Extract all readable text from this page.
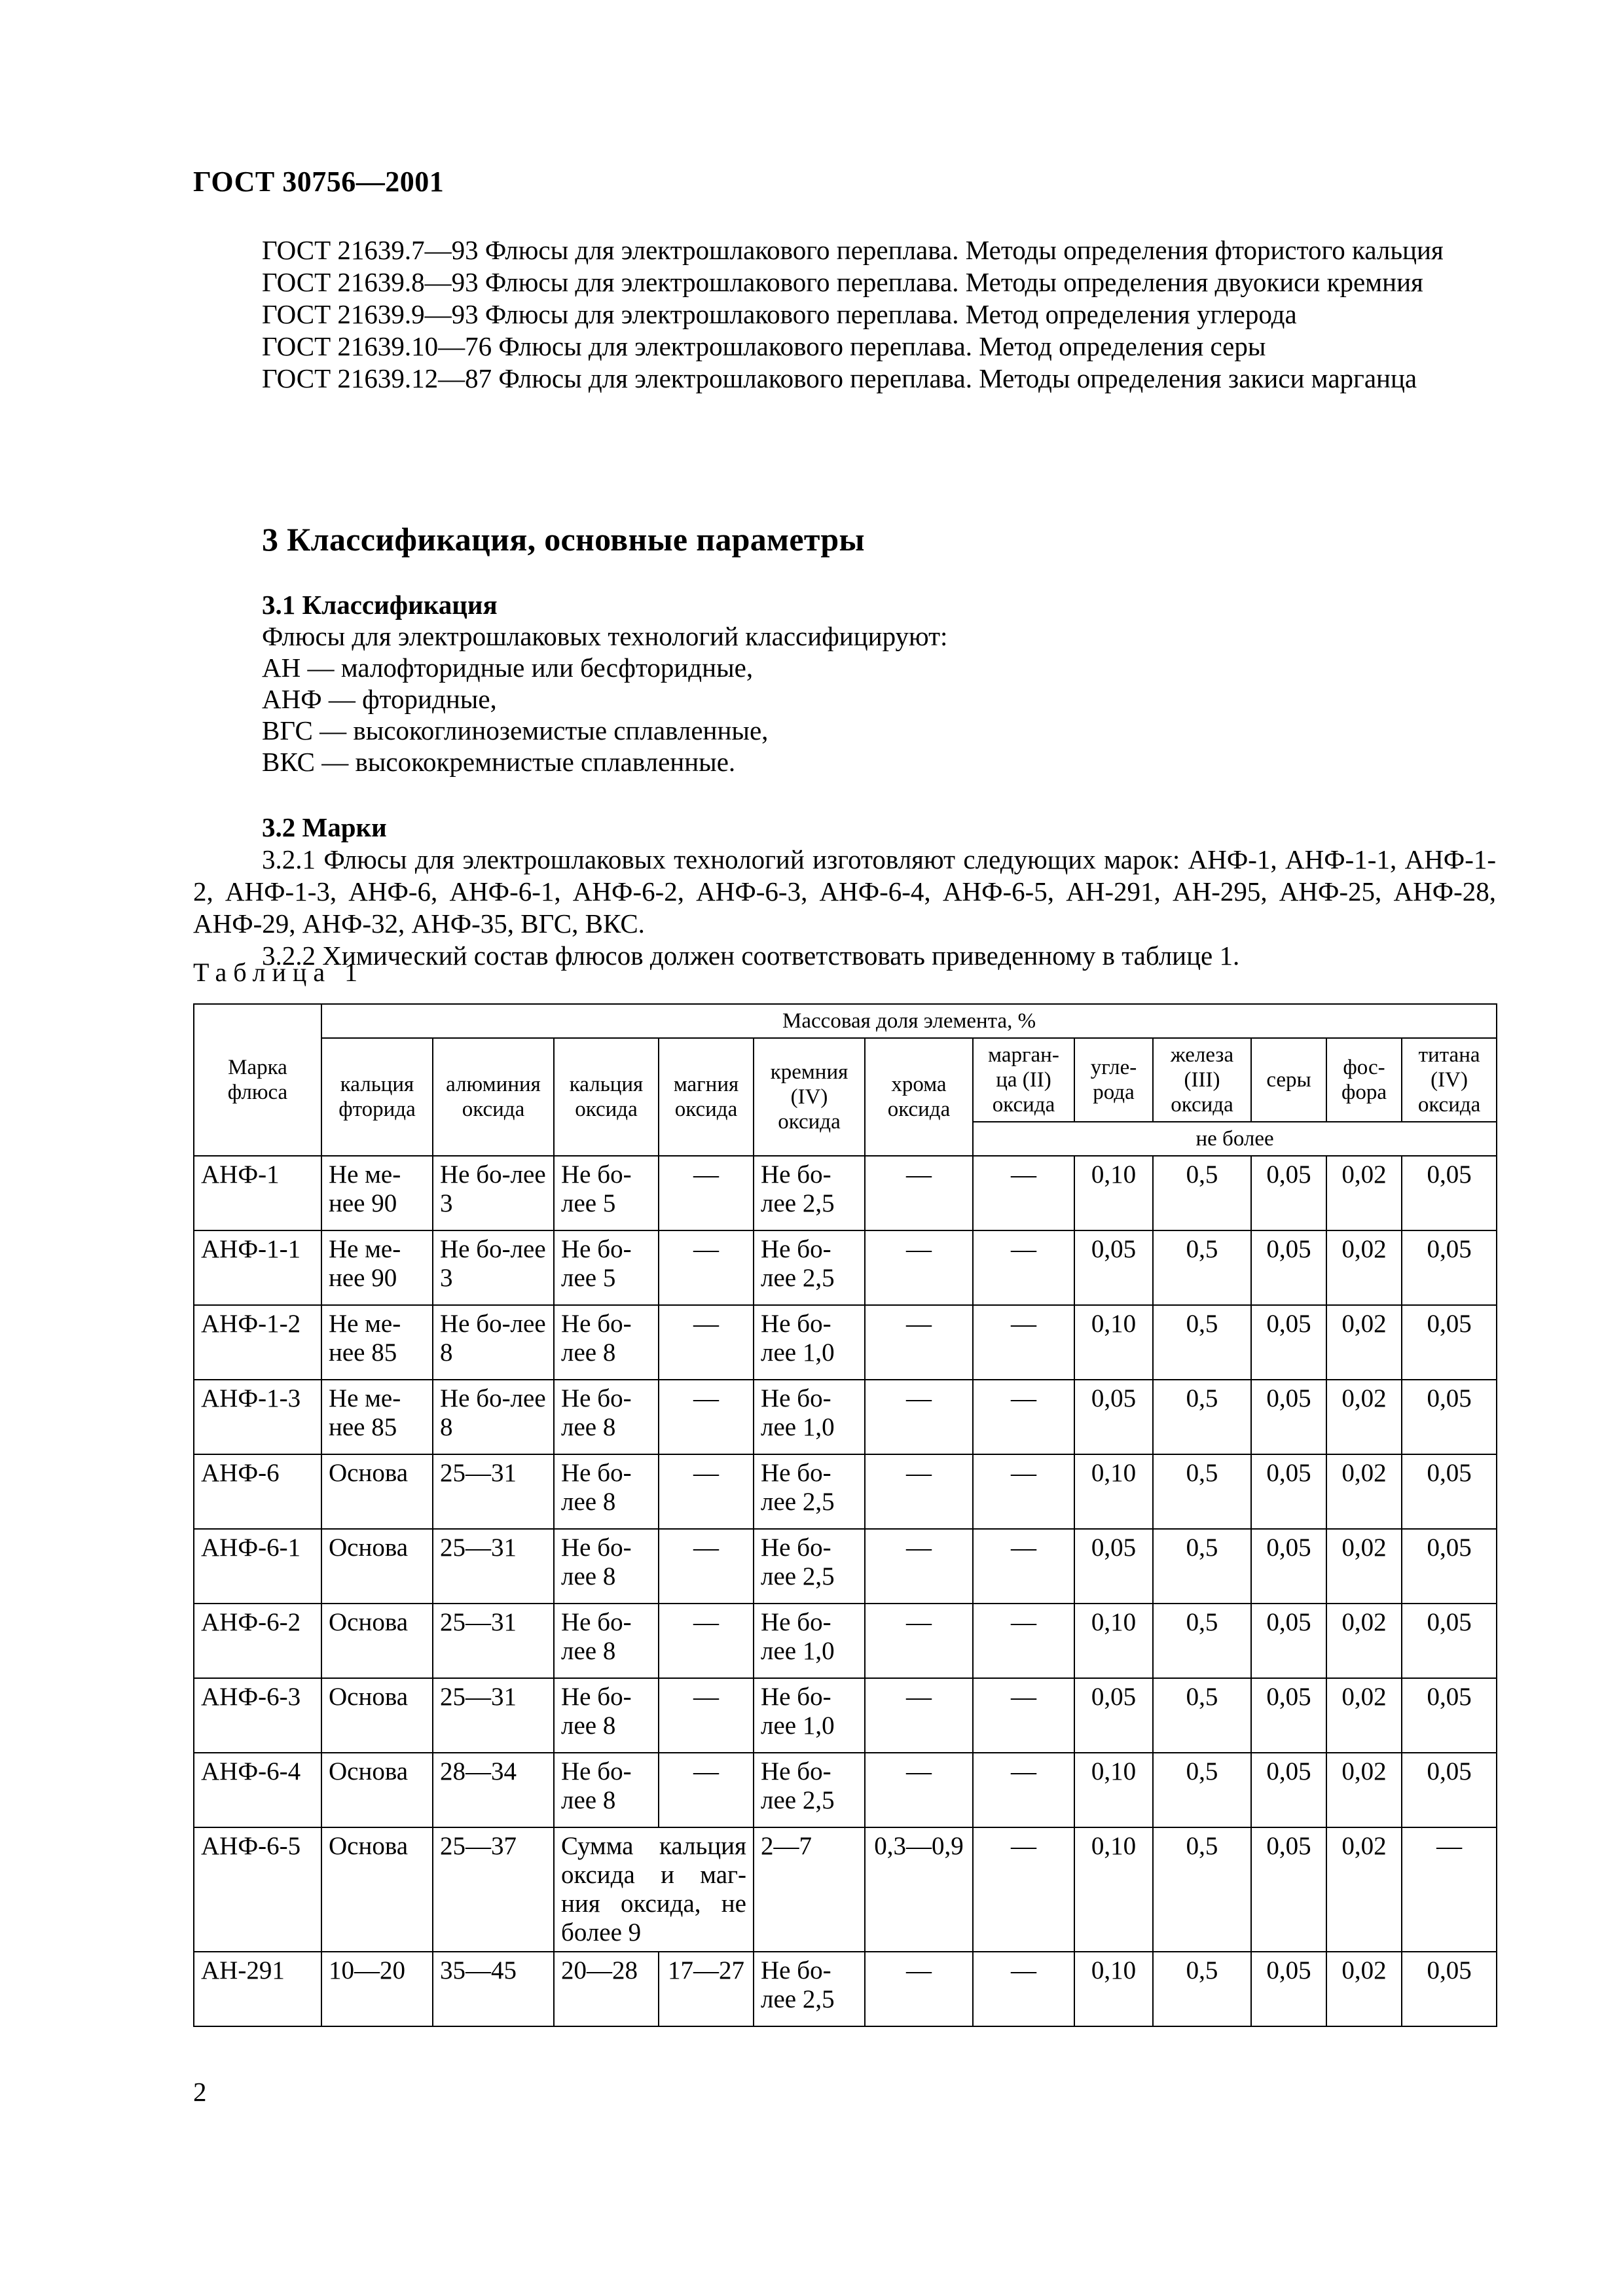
ГОСТ 30756—2001
ГОСТ 21639.7—93 Флюсы для электрошлакового переплава. Методы определения фтористого кальция
ГОСТ 21639.8—93 Флюсы для электрошлакового переплава. Методы определения двуокиси кремния
ГОСТ 21639.9—93 Флюсы для электрошлакового переплава. Метод определения углерода
ГОСТ 21639.10—76 Флюсы для электрошлакового переплава. Метод определения серы
ГОСТ 21639.12—87 Флюсы для электрошлакового переплава. Методы определения закиси марганца
3 Классификация, основные параметры
3.1 Классификация
Флюсы для электрошлаковых технологий классифицируют:
АН — малофторидные или бесфторидные,
АНФ — фторидные,
ВГС — высокоглиноземистые сплавленные,
ВКС — высококремнистые сплавленные.
3.2 Марки
3.2.1 Флюсы для электрошлаковых технологий изготовляют следующих марок: АНФ-1, АНФ-1-1, АНФ-1-2, АНФ-1-3, АНФ-6, АНФ-6-1, АНФ-6-2, АНФ-6-3, АНФ-6-4, АНФ-6-5, АН-291, АН-295, АНФ-25, АНФ-28, АНФ-29, АНФ-32, АНФ-35, ВГС, ВКС.
3.2.2 Химический состав флюсов должен соответствовать приведенному в таблице 1.
Таблица 1
Марка флюса	Массовая доля элемента, %											
	кальция фторида	алюминия оксида	кальция оксида	магния оксида	кремния (IV) оксида	хрома оксида	марган-ца (II) оксида	угле-рода	железа (III) оксида	серы	фос-фора	титана (IV) оксида
							не более					
АНФ-1	Не ме-нее 90	Не бо-лее 3	Не бо-лее 5	—	Не бо-лее 2,5	—	—	0,10	0,5	0,05	0,02	0,05
АНФ-1-1	Не ме-нее 90	Не бо-лее 3	Не бо-лее 5	—	Не бо-лее 2,5	—	—	0,05	0,5	0,05	0,02	0,05
АНФ-1-2	Не ме-нее 85	Не бо-лее 8	Не бо-лее 8	—	Не бо-лее 1,0	—	—	0,10	0,5	0,05	0,02	0,05
АНФ-1-3	Не ме-нее 85	Не бо-лее 8	Не бо-лее 8	—	Не бо-лее 1,0	—	—	0,05	0,5	0,05	0,02	0,05
АНФ-6	Основа	25—31	Не бо-лее 8	—	Не бо-лее 2,5	—	—	0,10	0,5	0,05	0,02	0,05
АНФ-6-1	Основа	25—31	Не бо-лее 8	—	Не бо-лее 2,5	—	—	0,05	0,5	0,05	0,02	0,05
АНФ-6-2	Основа	25—31	Не бо-лее 8	—	Не бо-лее 1,0	—	—	0,10	0,5	0,05	0,02	0,05
АНФ-6-3	Основа	25—31	Не бо-лее 8	—	Не бо-лее 1,0	—	—	0,05	0,5	0,05	0,02	0,05
АНФ-6-4	Основа	28—34	Не бо-лее 8	—	Не бо-лее 2,5	—	—	0,10	0,5	0,05	0,02	0,05
АНФ-6-5	Основа	25—37	Сумма кальция оксида и маг-ния оксида, не более 9		2—7	0,3—0,9	—	0,10	0,5	0,05	0,02	—
АН-291	10—20	35—45	20—28	17—27	Не бо-лее 2,5	—	—	0,10	0,5	0,05	0,02	0,05
2
